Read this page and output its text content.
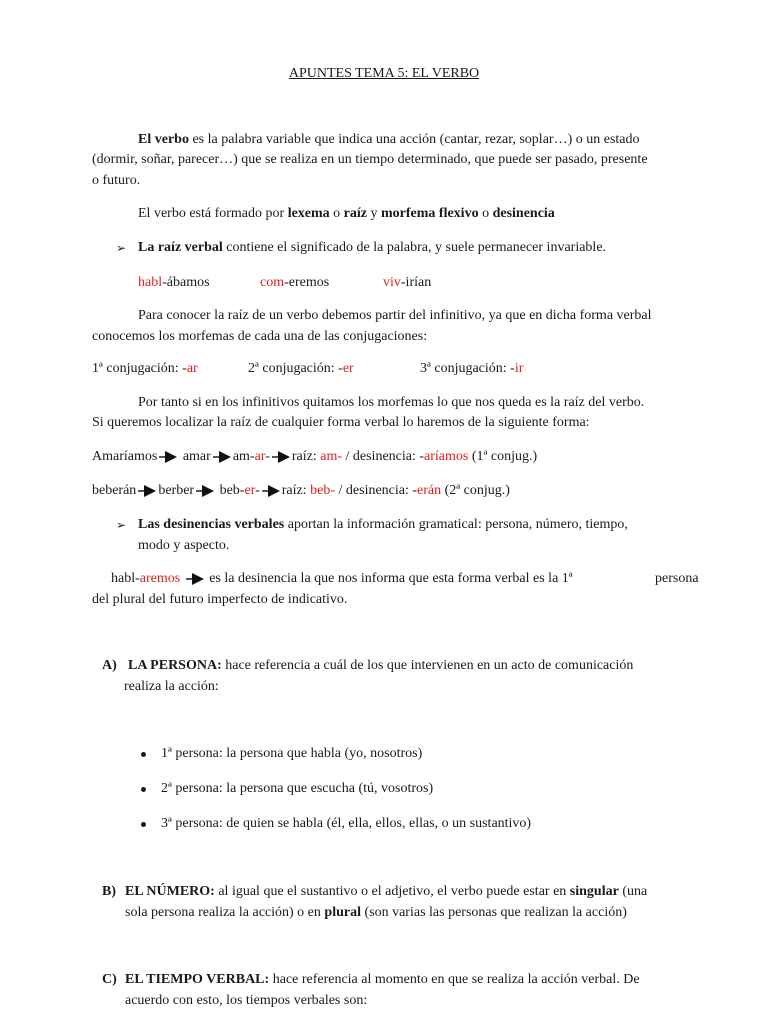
APUNTES TEMA 5: EL VERBO
El verbo es la palabra variable que indica una acción (cantar, rezar, soplar…) o un estado
(dormir, soñar, parecer…) que se realiza en un tiempo determinado, que puede ser pasado, presente
o futuro.
El verbo está formado por lexema o raíz y morfema flexivo o desinencia
➢ La raíz verbal contiene el significado de la palabra, y suele permanecer invariable.
habl-ábamos	com-eremos	viv-irían
Para conocer la raíz de un verbo debemos partir del infinitivo, ya que en dicha forma verbal
conocemos los morfemas de cada una de las conjugaciones:
1ª conjugación: -ar	2ª conjugación: -er	3ª conjugación: -ir
Por tanto si en los infinitivos quitamos los morfemas lo que nos queda es la raíz del verbo.
Si queremos localizar la raíz de cualquier forma verbal lo haremos de la siguiente forma:
Amaríamos amar am-ar- raíz: am- / desinencia: -aríamos (1ª conjug.)
beberán berber beb-er- raíz: beb- / desinencia: -erán (2ª conjug.)
➢ Las desinencias verbales aportan la información gramatical: persona, número, tiempo,
modo y aspecto.
habl-aremos es la desinencia la que nos informa que esta forma verbal es la 1ª	persona
del plural del futuro imperfecto de indicativo.
A) LA PERSONA: hace referencia a cuál de los que intervienen en un acto de comunicación
realiza la acción:
1ª persona: la persona que habla (yo, nosotros)
2ª persona: la persona que escucha (tú, vosotros)
3ª persona: de quien se habla (él, ella, ellos, ellas, o un sustantivo)
B) EL NÚMERO: al igual que el sustantivo o el adjetivo, el verbo puede estar en singular (una
sola persona realiza la acción) o en plural (son varias las personas que realizan la acción)
C) EL TIEMPO VERBAL: hace referencia al momento en que se realiza la acción verbal. De
acuerdo con esto, los tiempos verbales son:
